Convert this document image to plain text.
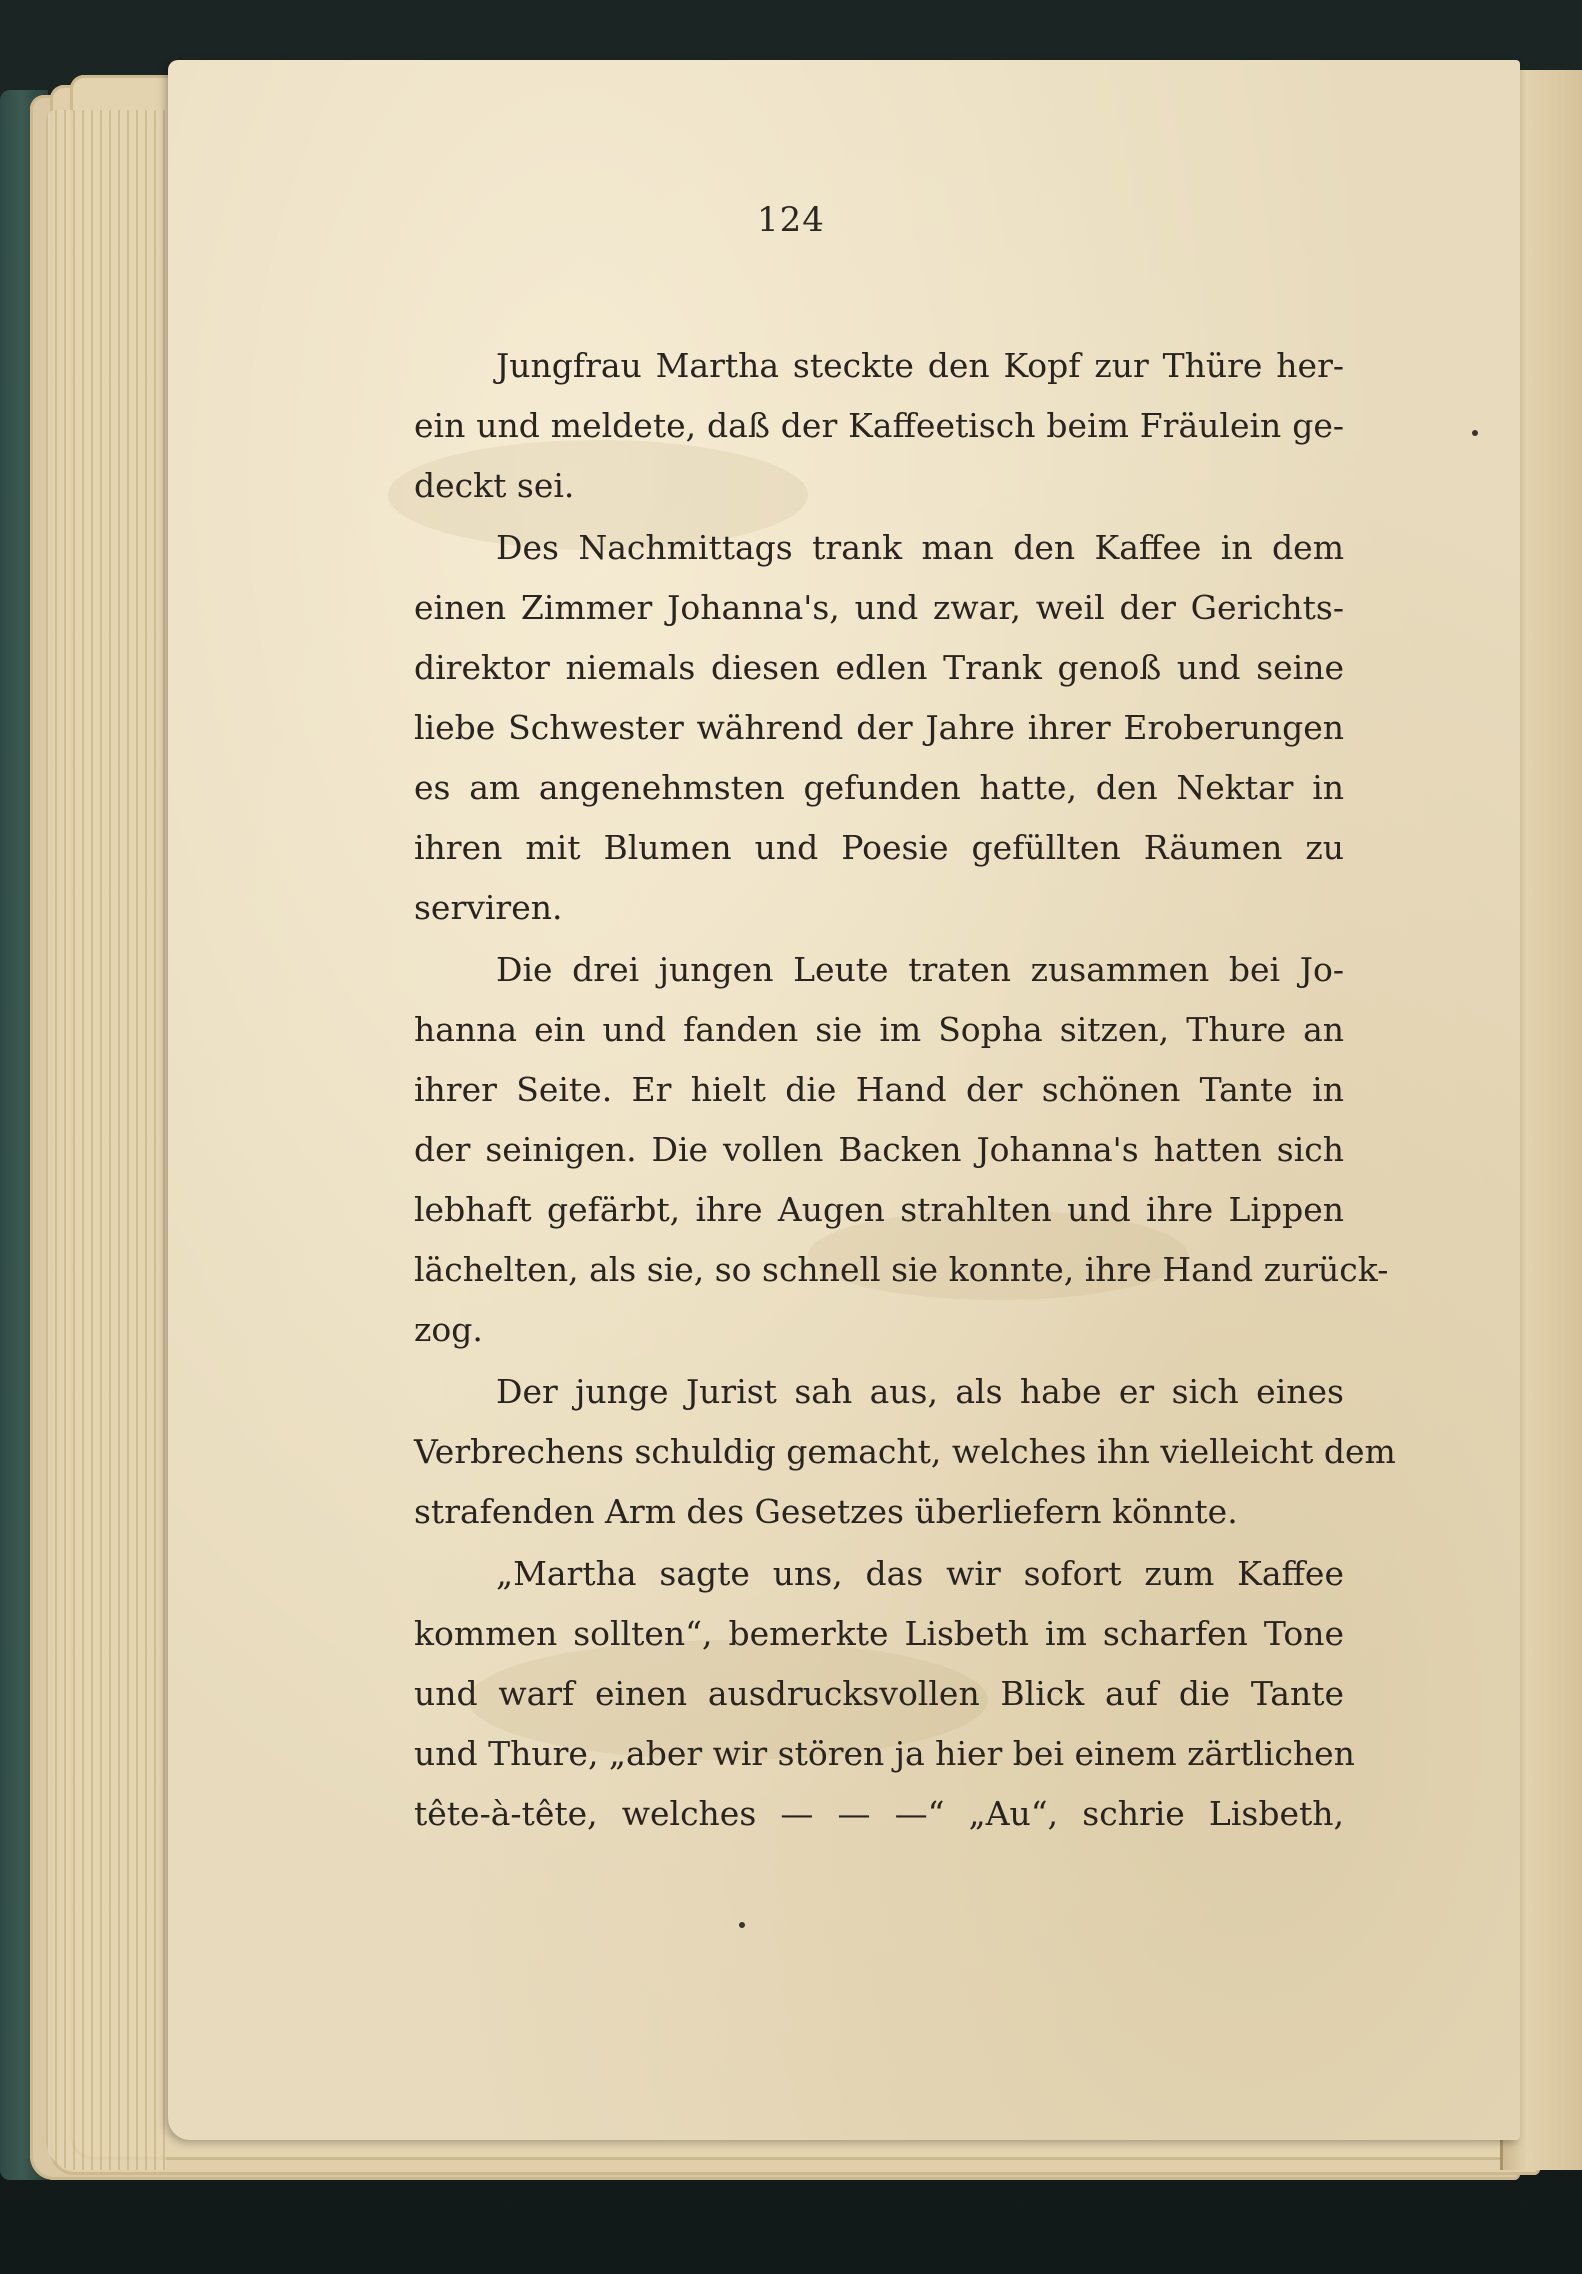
124
Jungfrau Martha steckte den Kopf zur Thüre her-
ein und meldete, daß der Kaffeetisch beim Fräulein ge-
deckt sei.
Des Nachmittags trank man den Kaffee in dem
einen Zimmer Johanna's, und zwar, weil der Gerichts-
direktor niemals diesen edlen Trank genoß und seine
liebe Schwester während der Jahre ihrer Eroberungen
es am angenehmsten gefunden hatte, den Nektar in
ihren mit Blumen und Poesie gefüllten Räumen zu
serviren.
Die drei jungen Leute traten zusammen bei Jo-
hanna ein und fanden sie im Sopha sitzen, Thure an
ihrer Seite. Er hielt die Hand der schönen Tante in
der seinigen. Die vollen Backen Johanna's hatten sich
lebhaft gefärbt, ihre Augen strahlten und ihre Lippen
lächelten, als sie, so schnell sie konnte, ihre Hand zurück-
zog.
Der junge Jurist sah aus, als habe er sich eines
Verbrechens schuldig gemacht, welches ihn vielleicht dem
strafenden Arm des Gesetzes überliefern könnte.
„Martha sagte uns, das wir sofort zum Kaffee
kommen sollten“, bemerkte Lisbeth im scharfen Tone
und warf einen ausdrucksvollen Blick auf die Tante
und Thure, „aber wir stören ja hier bei einem zärtlichen
tête-à-tête, welches — — —“ „Au“, schrie Lisbeth,
